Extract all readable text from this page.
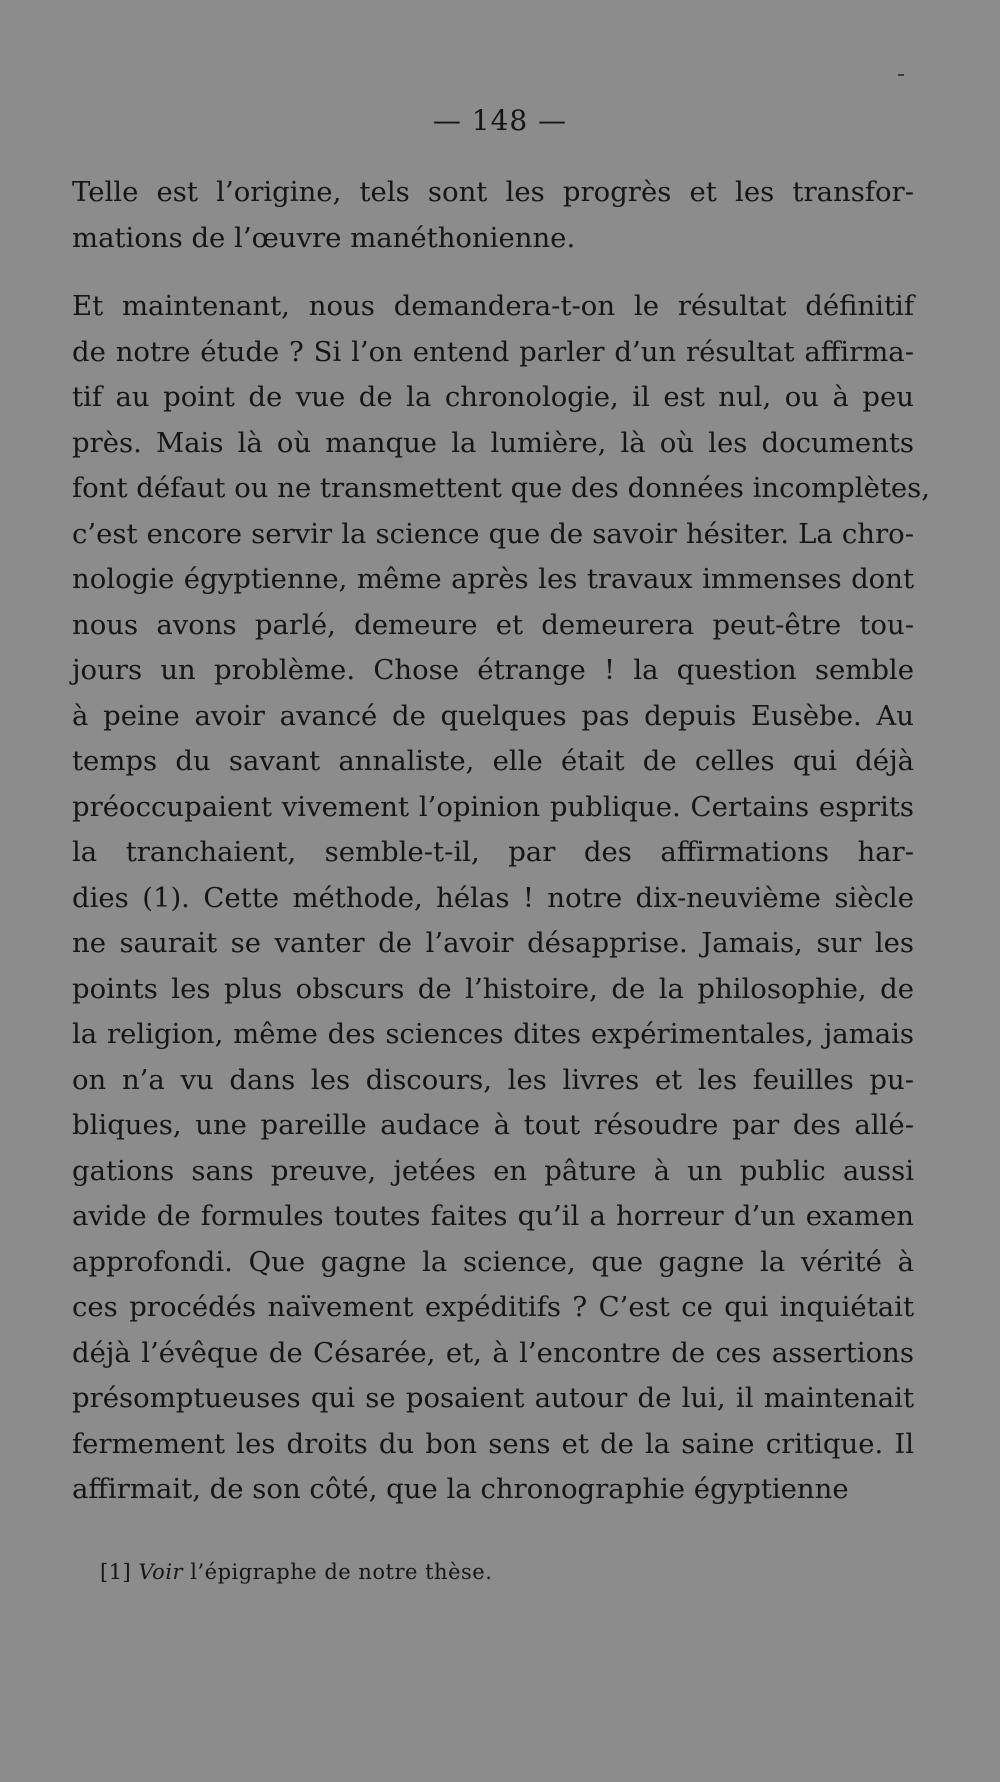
— 148 —

Telle est l’origine, tels sont les progrès et les transfor-
mations de l’œuvre manéthonienne.

Et maintenant, nous demandera-t-on le résultat définitif
de notre étude ? Si l’on entend parler d’un résultat affirma-
tif au point de vue de la chronologie, il est nul, ou à peu
près. Mais là où manque la lumière, là où les documents
font défaut ou ne transmettent que des données incomplètes,
c’est encore servir la science que de savoir hésiter. La chro-
nologie égyptienne, même après les travaux immenses dont
nous avons parlé, demeure et demeurera peut-être tou-
jours un problème. Chose étrange ! la question semble
à peine avoir avancé de quelques pas depuis Eusèbe. Au
temps du savant annaliste, elle était de celles qui déjà
préoccupaient vivement l’opinion publique. Certains esprits
la tranchaient, semble-t-il, par des affirmations har-
dies (1). Cette méthode, hélas ! notre dix-neuvième siècle
ne saurait se vanter de l’avoir désapprise. Jamais, sur les
points les plus obscurs de l’histoire, de la philosophie, de
la religion, même des sciences dites expérimentales, jamais
on n’a vu dans les discours, les livres et les feuilles pu-
bliques, une pareille audace à tout résoudre par des allé-
gations sans preuve, jetées en pâture à un public aussi
avide de formules toutes faites qu’il a horreur d’un examen
approfondi. Que gagne la science, que gagne la vérité à
ces procédés naïvement expéditifs ? C’est ce qui inquiétait
déjà l’évêque de Césarée, et, à l’encontre de ces assertions
présomptueuses qui se posaient autour de lui, il maintenait
fermement les droits du bon sens et de la saine critique. Il
affirmait, de son côté, que la chronographie égyptienne

[1] Voir l’épigraphe de notre thèse.
